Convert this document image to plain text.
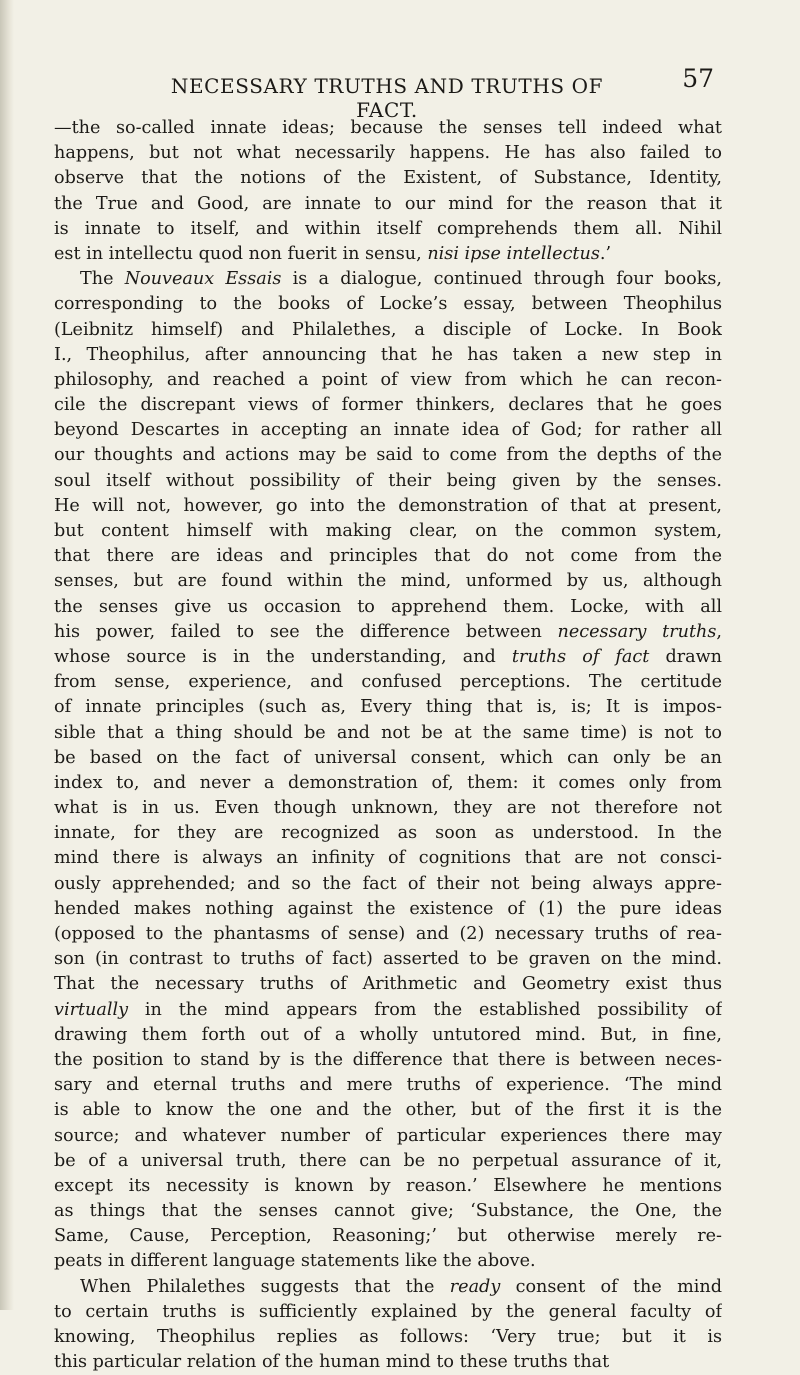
NECESSARY TRUTHS AND TRUTHS OF FACT.
57
—the so-called innate ideas; because the senses tell indeed what
happens, but not what necessarily happens. He has also failed to
observe that the notions of the Existent, of Substance, Identity,
the True and Good, are innate to our mind for the reason that it
is innate to itself, and within itself comprehends them all. Nihil
est in intellectu quod non fuerit in sensu, nisi ipse intellectus.’
The Nouveaux Essais is a dialogue, continued through four books,
corresponding to the books of Locke’s essay, between Theophilus
(Leibnitz himself) and Philalethes, a disciple of Locke. In Book
I., Theophilus, after announcing that he has taken a new step in
philosophy, and reached a point of view from which he can recon-
cile the discrepant views of former thinkers, declares that he goes
beyond Descartes in accepting an innate idea of God; for rather all
our thoughts and actions may be said to come from the depths of the
soul itself without possibility of their being given by the senses.
He will not, however, go into the demonstration of that at present,
but content himself with making clear, on the common system,
that there are ideas and principles that do not come from the
senses, but are found within the mind, unformed by us, although
the senses give us occasion to apprehend them. Locke, with all
his power, failed to see the difference between necessary truths,
whose source is in the understanding, and truths of fact drawn
from sense, experience, and confused perceptions. The certitude
of innate principles (such as, Every thing that is, is; It is impos-
sible that a thing should be and not be at the same time) is not to
be based on the fact of universal consent, which can only be an
index to, and never a demonstration of, them: it comes only from
what is in us. Even though unknown, they are not therefore not
innate, for they are recognized as soon as understood. In the
mind there is always an infinity of cognitions that are not consci-
ously apprehended; and so the fact of their not being always appre-
hended makes nothing against the existence of (1) the pure ideas
(opposed to the phantasms of sense) and (2) necessary truths of rea-
son (in contrast to truths of fact) asserted to be graven on the mind.
That the necessary truths of Arithmetic and Geometry exist thus
virtually in the mind appears from the established possibility of
drawing them forth out of a wholly untutored mind. But, in fine,
the position to stand by is the difference that there is between neces-
sary and eternal truths and mere truths of experience. ‘The mind
is able to know the one and the other, but of the first it is the
source; and whatever number of particular experiences there may
be of a universal truth, there can be no perpetual assurance of it,
except its necessity is known by reason.’ Elsewhere he mentions
as things that the senses cannot give; ‘Substance, the One, the
Same, Cause, Perception, Reasoning;’ but otherwise merely re-
peats in different language statements like the above.
When Philalethes suggests that the ready consent of the mind
to certain truths is sufficiently explained by the general faculty of
knowing, Theophilus replies as follows: ‘Very true; but it is
this particular relation of the human mind to these truths that
